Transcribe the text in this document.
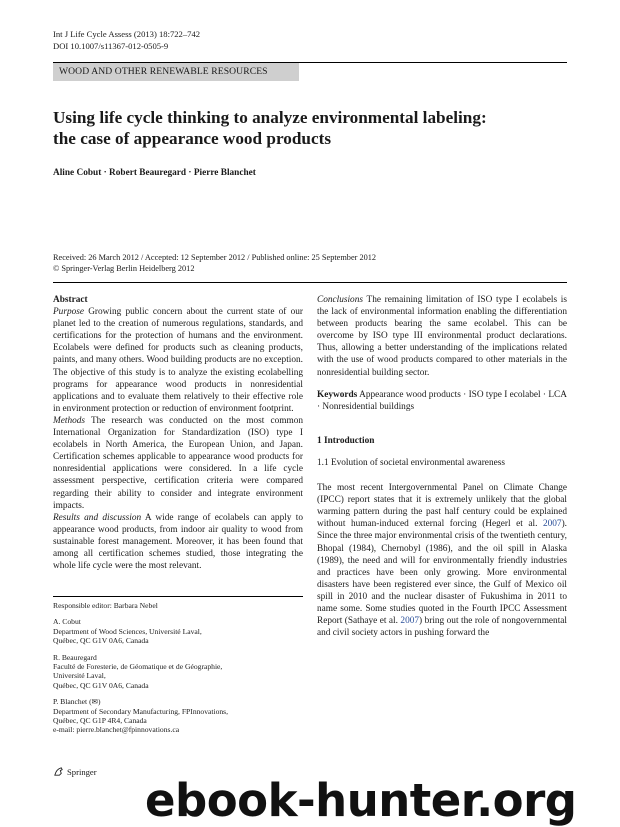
Int J Life Cycle Assess (2013) 18:722–742
DOI 10.1007/s11367-012-0505-9
WOOD AND OTHER RENEWABLE RESOURCES
Using life cycle thinking to analyze environmental labeling:
the case of appearance wood products
Aline Cobut · Robert Beauregard · Pierre Blanchet
Received: 26 March 2012 / Accepted: 12 September 2012 / Published online: 25 September 2012
© Springer-Verlag Berlin Heidelberg 2012

Abstract

Purpose Growing public concern about the current state of our planet led to the creation of numerous regulations, standards, and certifications for the protection of humans and the environment. Ecolabels were defined for products such as cleaning products, paints, and many others. Wood building products are no exception. The objective of this study is to analyze the existing ecolabelling programs for appearance wood products in nonresidential applications and to evaluate them relatively to their effective role in environment protection or reduction of environment footprint.

Methods The research was conducted on the most common International Organization for Standardization (ISO) type I ecolabels in North America, the European Union, and Japan. Certification schemes applicable to appearance wood products for nonresidential applications were considered. In a life cycle assessment perspective, certification criteria were compared regarding their ability to consider and integrate environment impacts.

Results and discussion A wide range of ecolabels can apply to appearance wood products, from indoor air quality to wood from sustainable forest management. Moreover, it has been found that among all certification schemes studied, those integrating the whole life cycle were the most relevant.

Conclusions The remaining limitation of ISO type I ecolabels is the lack of environmental information enabling the differentiation between products bearing the same ecolabel. This can be overcome by ISO type III environmental product declarations. Thus, allowing a better understanding of the implications related with the use of wood products compared to other materials in the nonresidential building sector.

Keywords Appearance wood products · ISO type I ecolabel · LCA · Nonresidential buildings

1 Introduction

1.1 Evolution of societal environmental awareness

The most recent Intergovernmental Panel on Climate Change (IPCC) report states that it is extremely unlikely that the global warming pattern during the past half century could be explained without human-induced external forcing (Hegerl et al. 2007). Since the three major environmental crisis of the twentieth century, Bhopal (1984), Chernobyl (1986), and the oil spill in Alaska (1989), the need and will for environmentally friendly industries and practices have been only growing. More environmental disasters have been registered ever since, the Gulf of Mexico oil spill in 2010 and the nuclear disaster of Fukushima in 2011 to name some. Some studies quoted in the Fourth IPCC Assessment Report (Sathaye et al. 2007) bring out the role of nongovernmental and civil society actors in pushing forward the

Responsible editor: Barbara Nebel

A. Cobut
Department of Wood Sciences, Université Laval,
Québec, QC G1V 0A6, Canada

R. Beauregard
Faculté de Foresterie, de Géomatique et de Géographie,
Université Laval,
Québec, QC G1V 0A6, Canada

P. Blanchet (✉)
Department of Secondary Manufacturing, FPInnovations,
Québec, QC G1P 4R4, Canada
e-mail: pierre.blanchet@fpinnovations.ca

Springer
ebook-hunter.org
